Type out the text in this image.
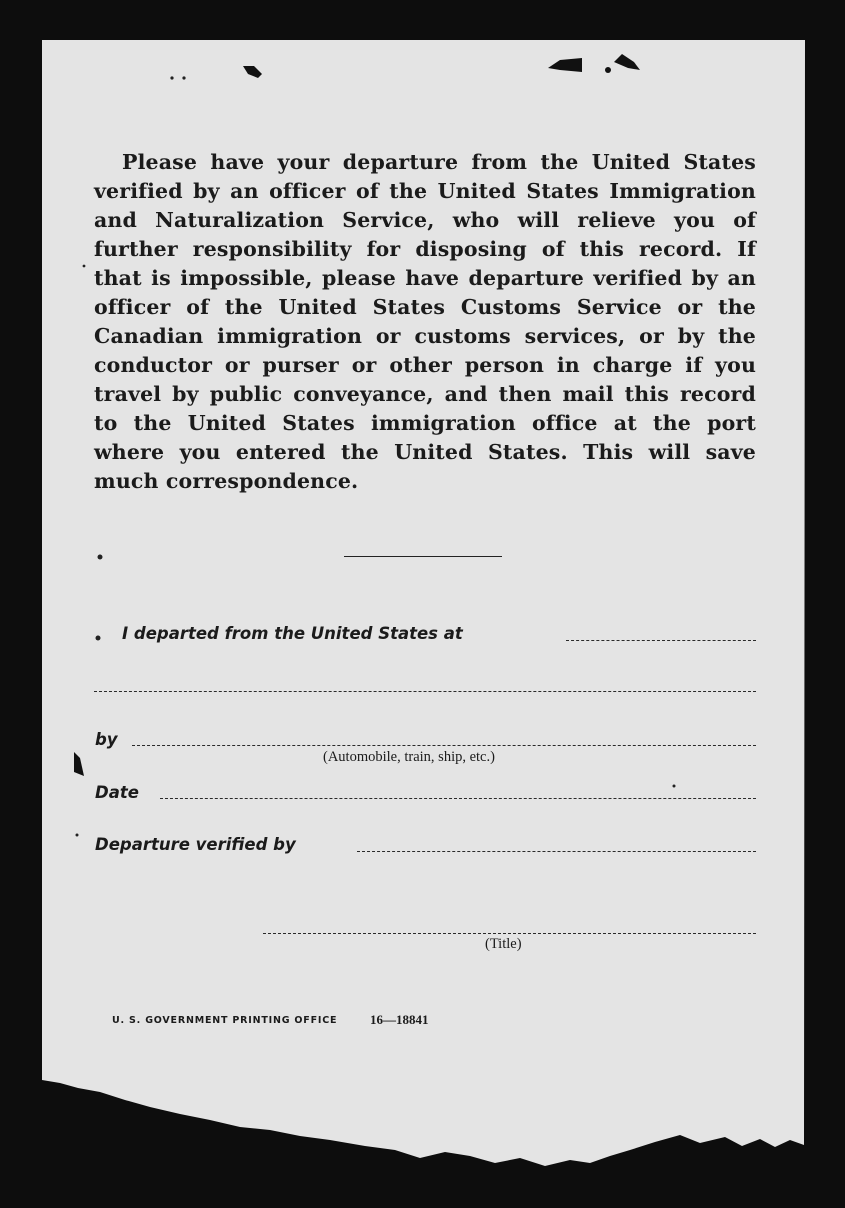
Please have your departure from the United States verified by an officer of the United States Immigration and Naturalization Service, who will relieve you of further responsibility for disposing of this record. If that is impossible, please have departure verified by an officer of the United States Customs Service or the Canadian immigration or customs services, or by the conductor or purser or other person in charge if you travel by public conveyance, and then mail this record to the United States immigration office at the port where you entered the United States. This will save much correspondence.
I departed from the United States at
by
(Automobile, train, ship, etc.)
Date
Departure verified by
(Title)
U. S. GOVERNMENT PRINTING OFFICE	16—18841
